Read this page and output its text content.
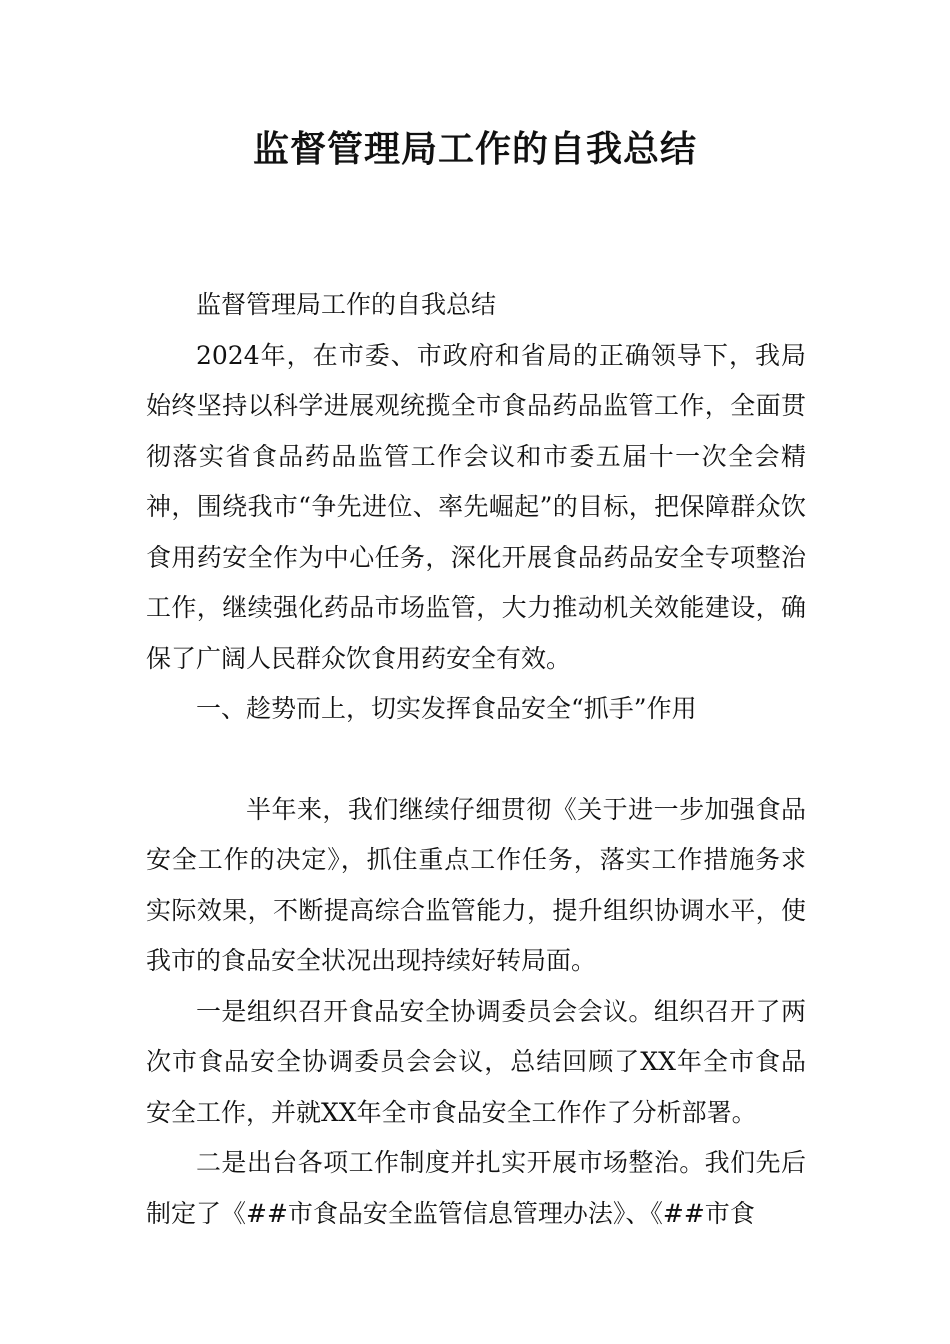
监督管理局工作的自我总结

监督管理局工作的自我总结

2024年，在市委、市政府和省局的正确领导下，我局始终坚持以科学进展观统揽全市食品药品监管工作，全面贯彻落实省食品药品监管工作会议和市委五届十一次全会精神，围绕我市“争先进位、率先崛起”的目标，把保障群众饮食用药安全作为中心任务，深化开展食品药品安全专项整治工作，继续强化药品市场监管，大力推动机关效能建设，确保了广阔人民群众饮食用药安全有效。

一、趁势而上，切实发挥食品安全“抓手”作用

半年来，我们继续仔细贯彻《关于进一步加强食品安全工作的决定》，抓住重点工作任务，落实工作措施务求实际效果，不断提高综合监管能力，提升组织协调水平，使我市的食品安全状况出现持续好转局面。

一是组织召开食品安全协调委员会会议。组织召开了两次市食品安全协调委员会会议，总结回顾了XX年全市食品安全工作，并就XX年全市食品安全工作作了分析部署。

二是出台各项工作制度并扎实开展市场整治。我们先后制定了《##市食品安全监管信息管理办法》、《##市食
